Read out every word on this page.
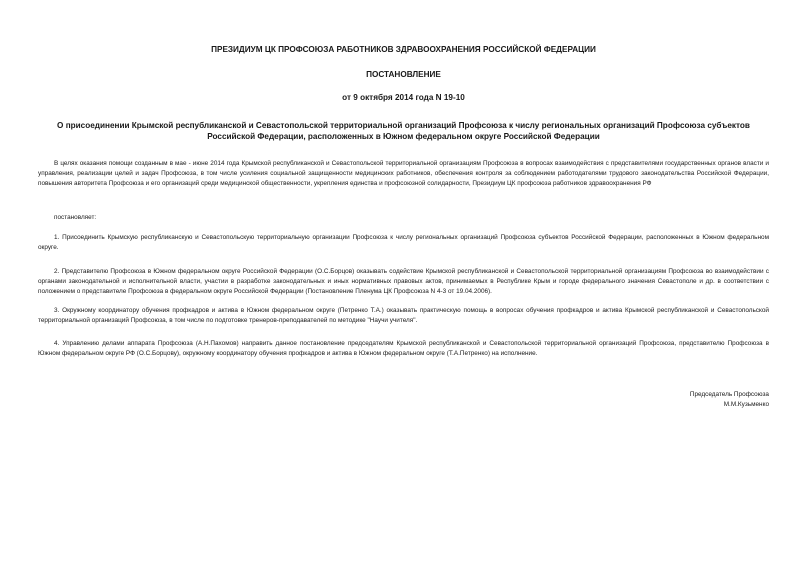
ПРЕЗИДИУМ ЦК ПРОФСОЮЗА РАБОТНИКОВ ЗДРАВООХРАНЕНИЯ РОССИЙСКОЙ ФЕДЕРАЦИИ
ПОСТАНОВЛЕНИЕ

от 9 октября 2014 года N 19-10

О присоединении Крымской республиканской и Севастопольской территориальной организаций Профсоюза к числу региональных организаций Профсоюза субъектов Российской Федерации, расположенных в Южном федеральном округе Российской Федерации

В целях оказания помощи созданным в мае - июне 2014 года Крымской республиканской и Севастопольской территориальной организациям Профсоюза в вопросах взаимодействия с представителями государственных органов власти и управления, реализации целей и задач Профсоюза, в том числе усиления социальной защищенности медицинских работников, обеспечения контроля за соблюдением работодателями трудового законодательства Российской Федерации, повышения авторитета Профсоюза и его организаций среди медицинской общественности, укрепления единства и профсоюзной солидарности, Президиум ЦК профсоюза работников здравоохранения РФ

постановляет:

1. Присоединить Крымскую республиканскую и Севастопольскую территориальную организации Профсоюза к числу региональных организаций Профсоюза субъектов Российской Федерации, расположенных в Южном федеральном округе.

2. Представителю Профсоюза в Южном федеральном округе Российской Федерации (О.С.Борцов) оказывать содействие Крымской республиканской и Севастопольской территориальной организациям Профсоюза во взаимодействии с органами законодательной и исполнительной власти, участии в разработке законодательных и иных нормативных правовых актов, принимаемых в Республике Крым и городе федерального значения Севастополе и др. в соответствии с положением о представителе Профсоюза в федеральном округе Российской Федерации (Постановление Пленума ЦК Профсоюза N 4-3 от 19.04.2006).

3. Окружному координатору обучения профкадров и актива в Южном федеральном округе (Петренко Т.А.) оказывать практическую помощь в вопросах обучения профкадров и актива Крымской республиканской и Севастопольской территориальной организаций Профсоюза, в том числе по подготовке тренеров-преподавателей по методике "Научи учителя".

4. Управлению делами аппарата Профсоюза (А.Н.Пахомов) направить данное постановление председателям Крымской республиканской и Севастопольской территориальной организаций Профсоюза, представителю Профсоюза в Южном федеральном округе РФ (О.С.Борцову), окружному координатору обучения профкадров и актива в Южном федеральном округе (Т.А.Петренко) на исполнение.

Председатель Профсоюза
М.М.Кузьменко
